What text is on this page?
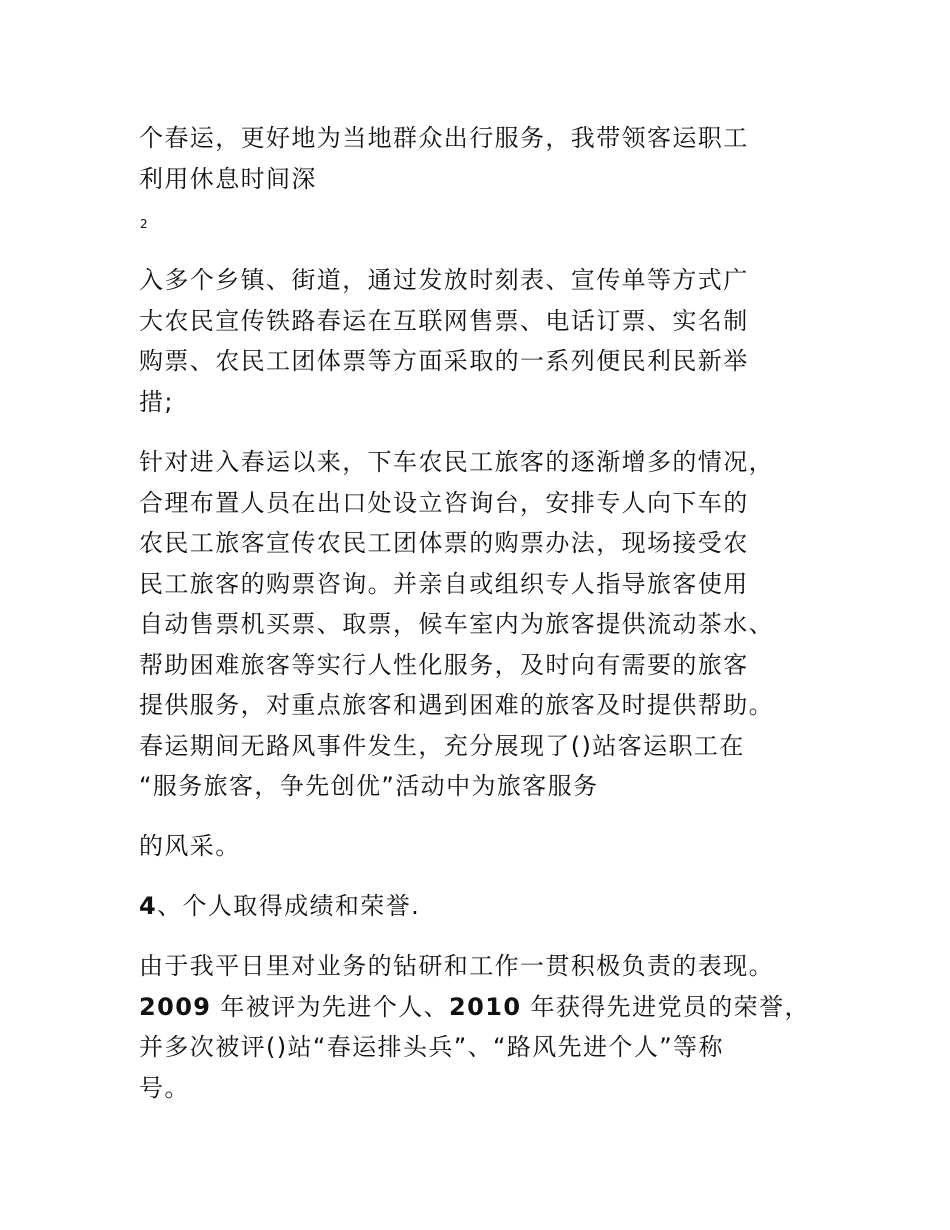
个春运，更好地为当地群众出行服务，我带领客运职工
利用休息时间深
2
入多个乡镇、街道，通过发放时刻表、宣传单等方式广
大农民宣传铁路春运在互联网售票、电话订票、实名制
购票、农民工团体票等方面采取的一系列便民利民新举
措;
针对进入春运以来，下车农民工旅客的逐渐增多的情况，
合理布置人员在出口处设立咨询台，安排专人向下车的
农民工旅客宣传农民工团体票的购票办法，现场接受农
民工旅客的购票咨询。并亲自或组织专人指导旅客使用
自动售票机买票、取票，候车室内为旅客提供流动茶水、
帮助困难旅客等实行人性化服务，及时向有需要的旅客
提供服务，对重点旅客和遇到困难的旅客及时提供帮助。
春运期间无路风事件发生，充分展现了()站客运职工在
“服务旅客，争先创优”活动中为旅客服务
的风采。
4、个人取得成绩和荣誉.
由于我平日里对业务的钻研和工作一贯积极负责的表现。
2009 年被评为先进个人、2010 年获得先进党员的荣誉，
并多次被评()站“春运排头兵”、“路风先进个人”等称
号。
